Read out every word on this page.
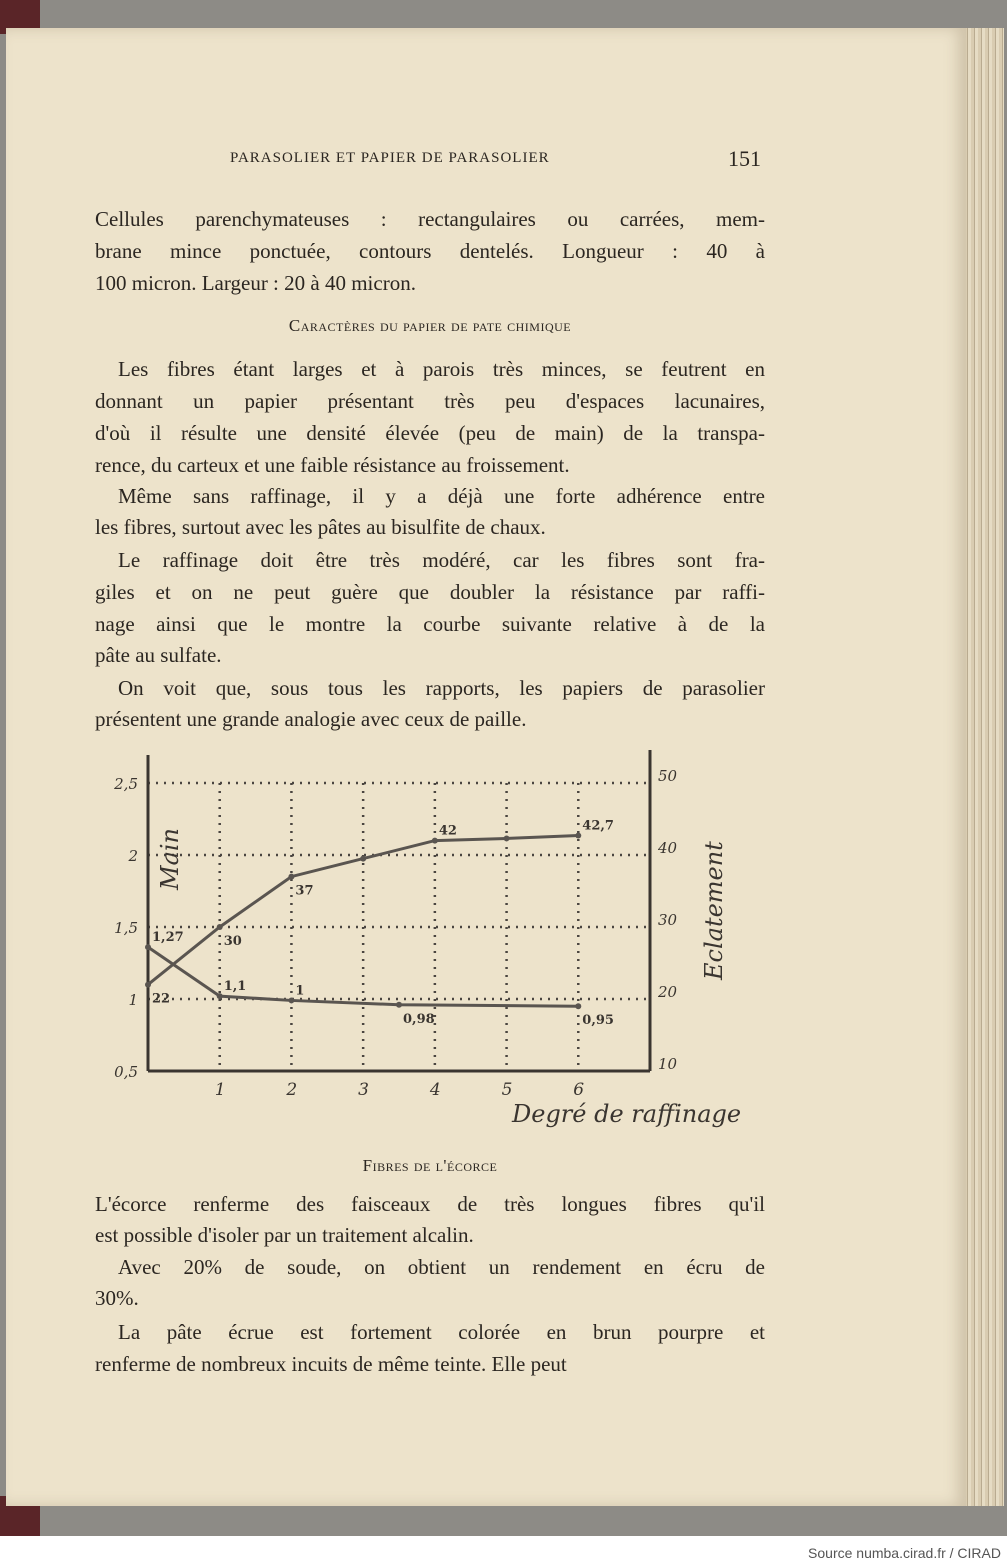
PARASOLIER ET PAPIER DE PARASOLIER	151
Cellules parenchymateuses : rectangulaires ou carrées, mem-
brane mince ponctuée, contours dentelés. Longueur : 40 à
100 micron. Largeur : 20 à 40 micron.
Les fibres étant larges et à parois très minces, se feutrent en
donnant un papier présentant très peu d'espaces lacunaires,
d'où il résulte une densité élevée (peu de main) de la transpa-
rence, du carteux et une faible résistance au froissement.
Même sans raffinage, il y a déjà une forte adhérence entre
les fibres, surtout avec les pâtes au bisulfite de chaux.
Le raffinage doit être très modéré, car les fibres sont fra-
giles et on ne peut guère que doubler la résistance par raffi-
nage ainsi que le montre la courbe suivante relative à de la
pâte au sulfate.
On voit que, sous tous les rapports, les papiers de parasolier
présentent une grande analogie avec ceux de paille.
L'écorce renferme des faisceaux de très longues fibres qu'il
est possible d'isoler par un traitement alcalin.
Avec 20% de soude, on obtient un rendement en écru de
30%.
La pâte écrue est fortement colorée en brun pourpre et
renferme de nombreux incuits de même teinte. Elle peut
Caractères du papier de pate chimique
Fibres de l'écorce
1	2	3	4	5	6
0,5
1
1,5
2
2,5
10
20
30
40
50
1,27
1,1	1
0,98	0,95
22
30
37
42	42,7
Main	Eclatement
Degré de raffinage
Source numba.cirad.fr / CIRAD
